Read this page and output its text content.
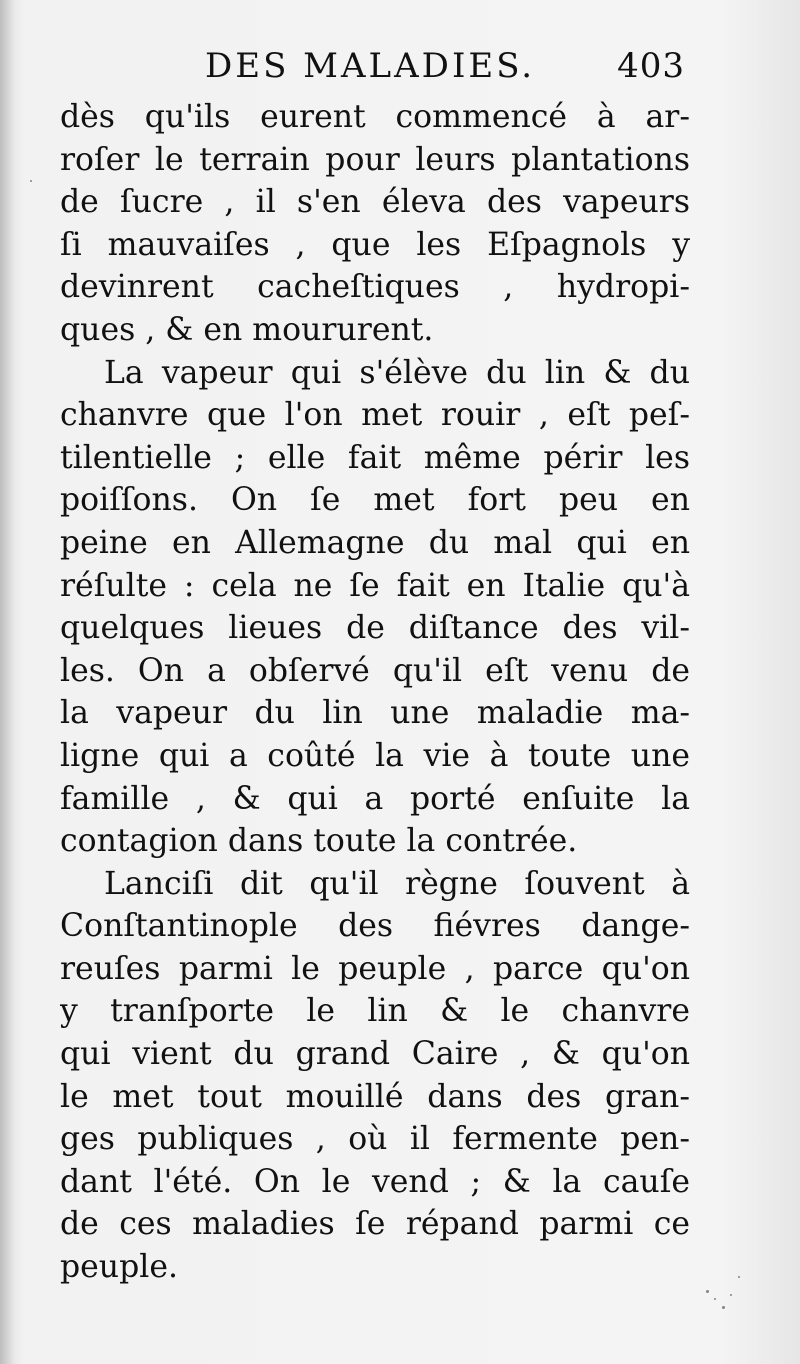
DES MALADIES. 403
dès qu'ils eurent commencé à ar-
roſer le terrain pour leurs plantations
de ſucre , il s'en éleva des vapeurs
ſi mauvaiſes , que les Eſpagnols y
devinrent cacheſtiques , hydropi-
ques , & en moururent.
La vapeur qui s'élève du lin & du
chanvre que l'on met rouir , eſt peſ-
tilentielle ; elle fait même périr les
poiſſons. On ſe met fort peu en
peine en Allemagne du mal qui en
réſulte : cela ne ſe fait en Italie qu'à
quelques lieues de diſtance des vil-
les. On a obſervé qu'il eſt venu de
la vapeur du lin une maladie ma-
ligne qui a coûté la vie à toute une
famille , & qui a porté enſuite la
contagion dans toute la contrée.
Lanciſi dit qu'il règne ſouvent à
Conſtantinople des fiévres dange-
reuſes parmi le peuple , parce qu'on
y tranſporte le lin & le chanvre
qui vient du grand Caire , & qu'on
le met tout mouillé dans des gran-
ges publiques , où il fermente pen-
dant l'été. On le vend ; & la cauſe
de ces maladies ſe répand parmi ce
peuple.
